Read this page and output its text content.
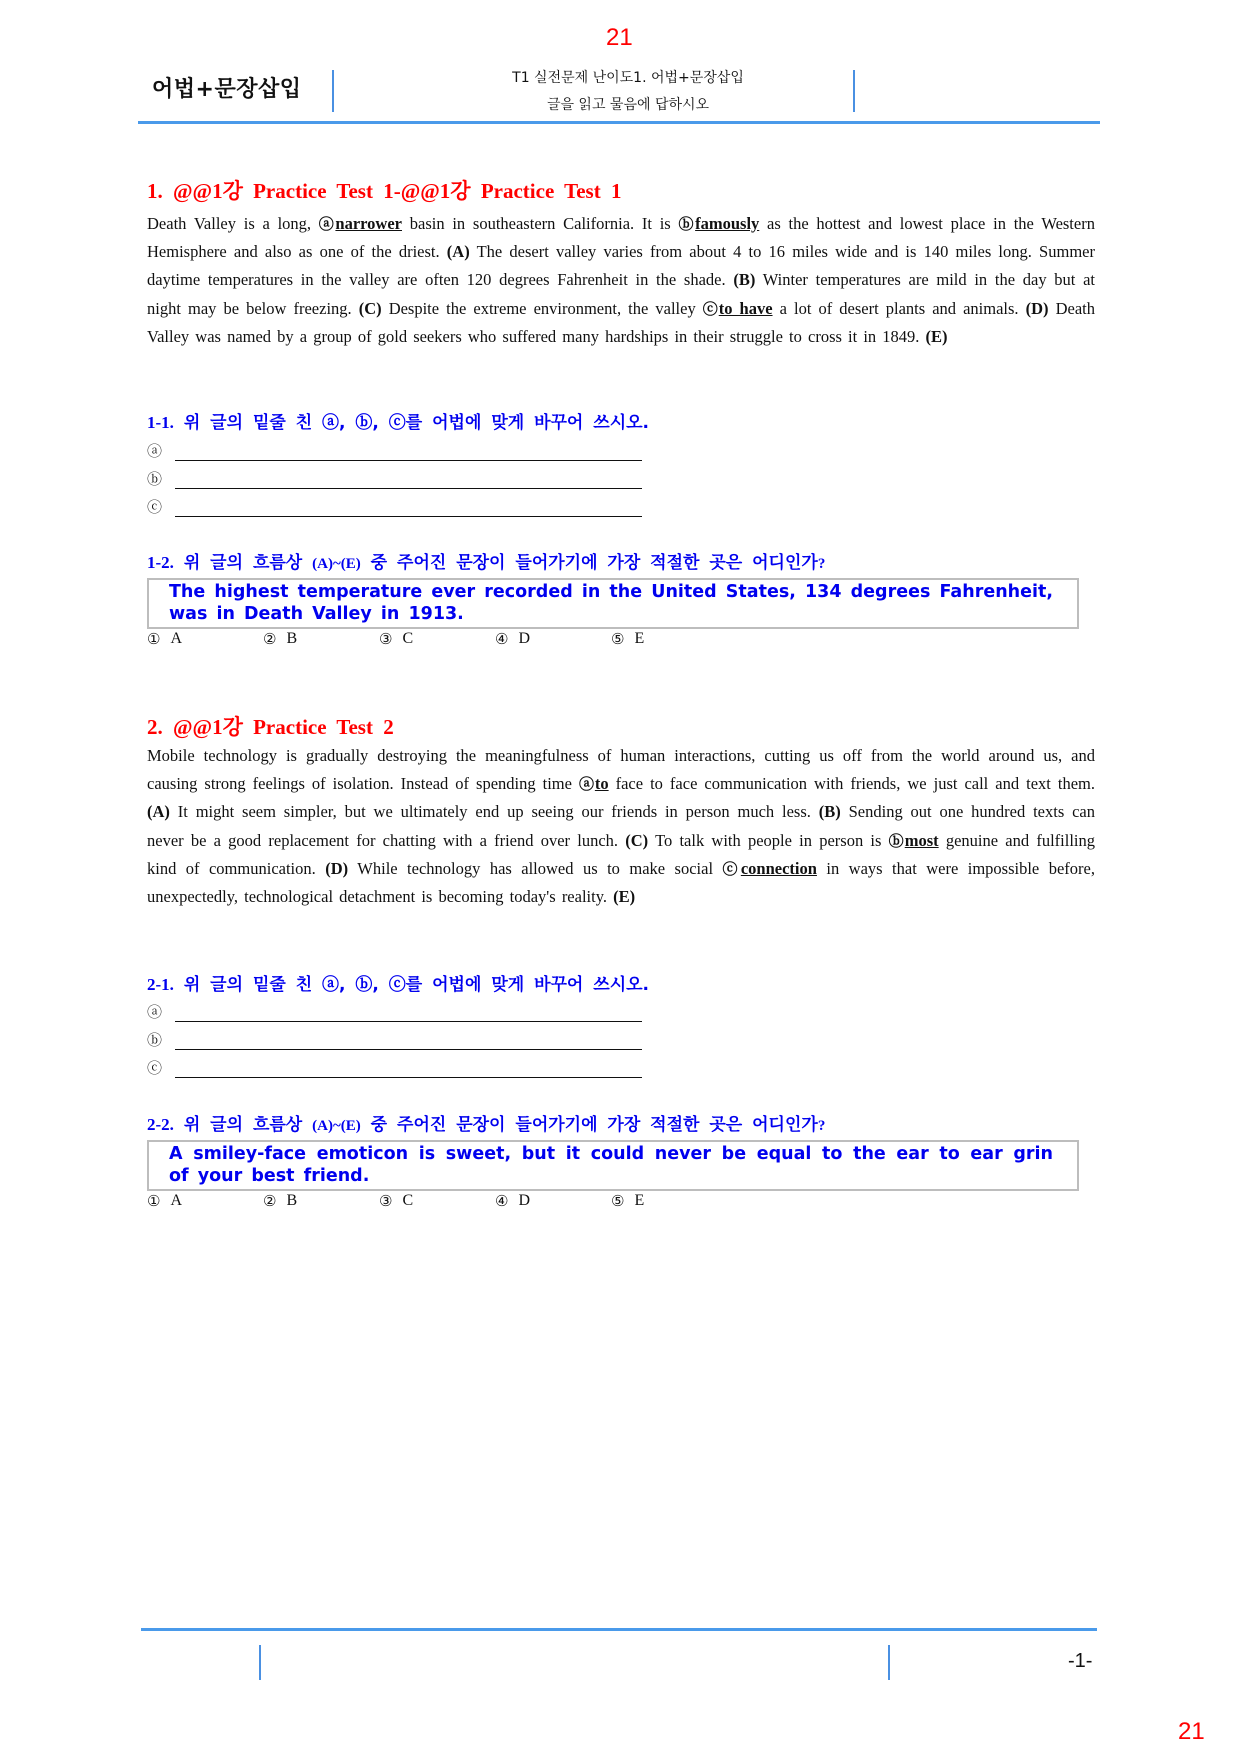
21
어법+문장삽입	T1 실전문제 난이도1. 어법+문장삽입
글을 읽고 물음에 답하시오
1. @@1강 Practice Test 1-@@1강 Practice Test 1
Death Valley is a long, ⓐnarrower basin in southeastern California. It is ⓑfamously as the hottest and lowest place in the Western Hemisphere and also as one of the driest. (A) The desert valley varies from about 4 to 16 miles wide and is 140 miles long. Summer daytime temperatures in the valley are often 120 degrees Fahrenheit in the shade. (B) Winter temperatures are mild in the day but at night may be below freezing. (C) Despite the extreme environment, the valley ⓒto have a lot of desert plants and animals. (D) Death Valley was named by a group of gold seekers who suffered many hardships in their struggle to cross it in 1849. (E)
1-1. 위 글의 밑줄 친 ⓐ, ⓑ, ⓒ를 어법에 맞게 바꾸어 쓰시오.
ⓐ
ⓑ
ⓒ
1-2. 위 글의 흐름상 (A)~(E) 중 주어진 문장이 들어가기에 가장 적절한 곳은 어디인가?
The highest temperature ever recorded in the United States, 134 degrees Fahrenheit, was in Death Valley in 1913.
① A	② B	③ C	④ D	⑤ E
2. @@1강 Practice Test 2
Mobile technology is gradually destroying the meaningfulness of human interactions, cutting us off from the world around us, and causing strong feelings of isolation. Instead of spending time ⓐto face to face communication with friends, we just call and text them. (A) It might seem simpler, but we ultimately end up seeing our friends in person much less. (B) Sending out one hundred texts can never be a good replacement for chatting with a friend over lunch. (C) To talk with people in person is ⓑmost genuine and fulfilling kind of communication. (D) While technology has allowed us to make social ⓒconnection in ways that were impossible before, unexpectedly, technological detachment is becoming today's reality. (E)
2-1. 위 글의 밑줄 친 ⓐ, ⓑ, ⓒ를 어법에 맞게 바꾸어 쓰시오.
ⓐ
ⓑ
ⓒ
2-2. 위 글의 흐름상 (A)~(E) 중 주어진 문장이 들어가기에 가장 적절한 곳은 어디인가?
A smiley-face emoticon is sweet, but it could never be equal to the ear to ear grin of your best friend.
① A	② B	③ C	④ D	⑤ E
-1-
21
